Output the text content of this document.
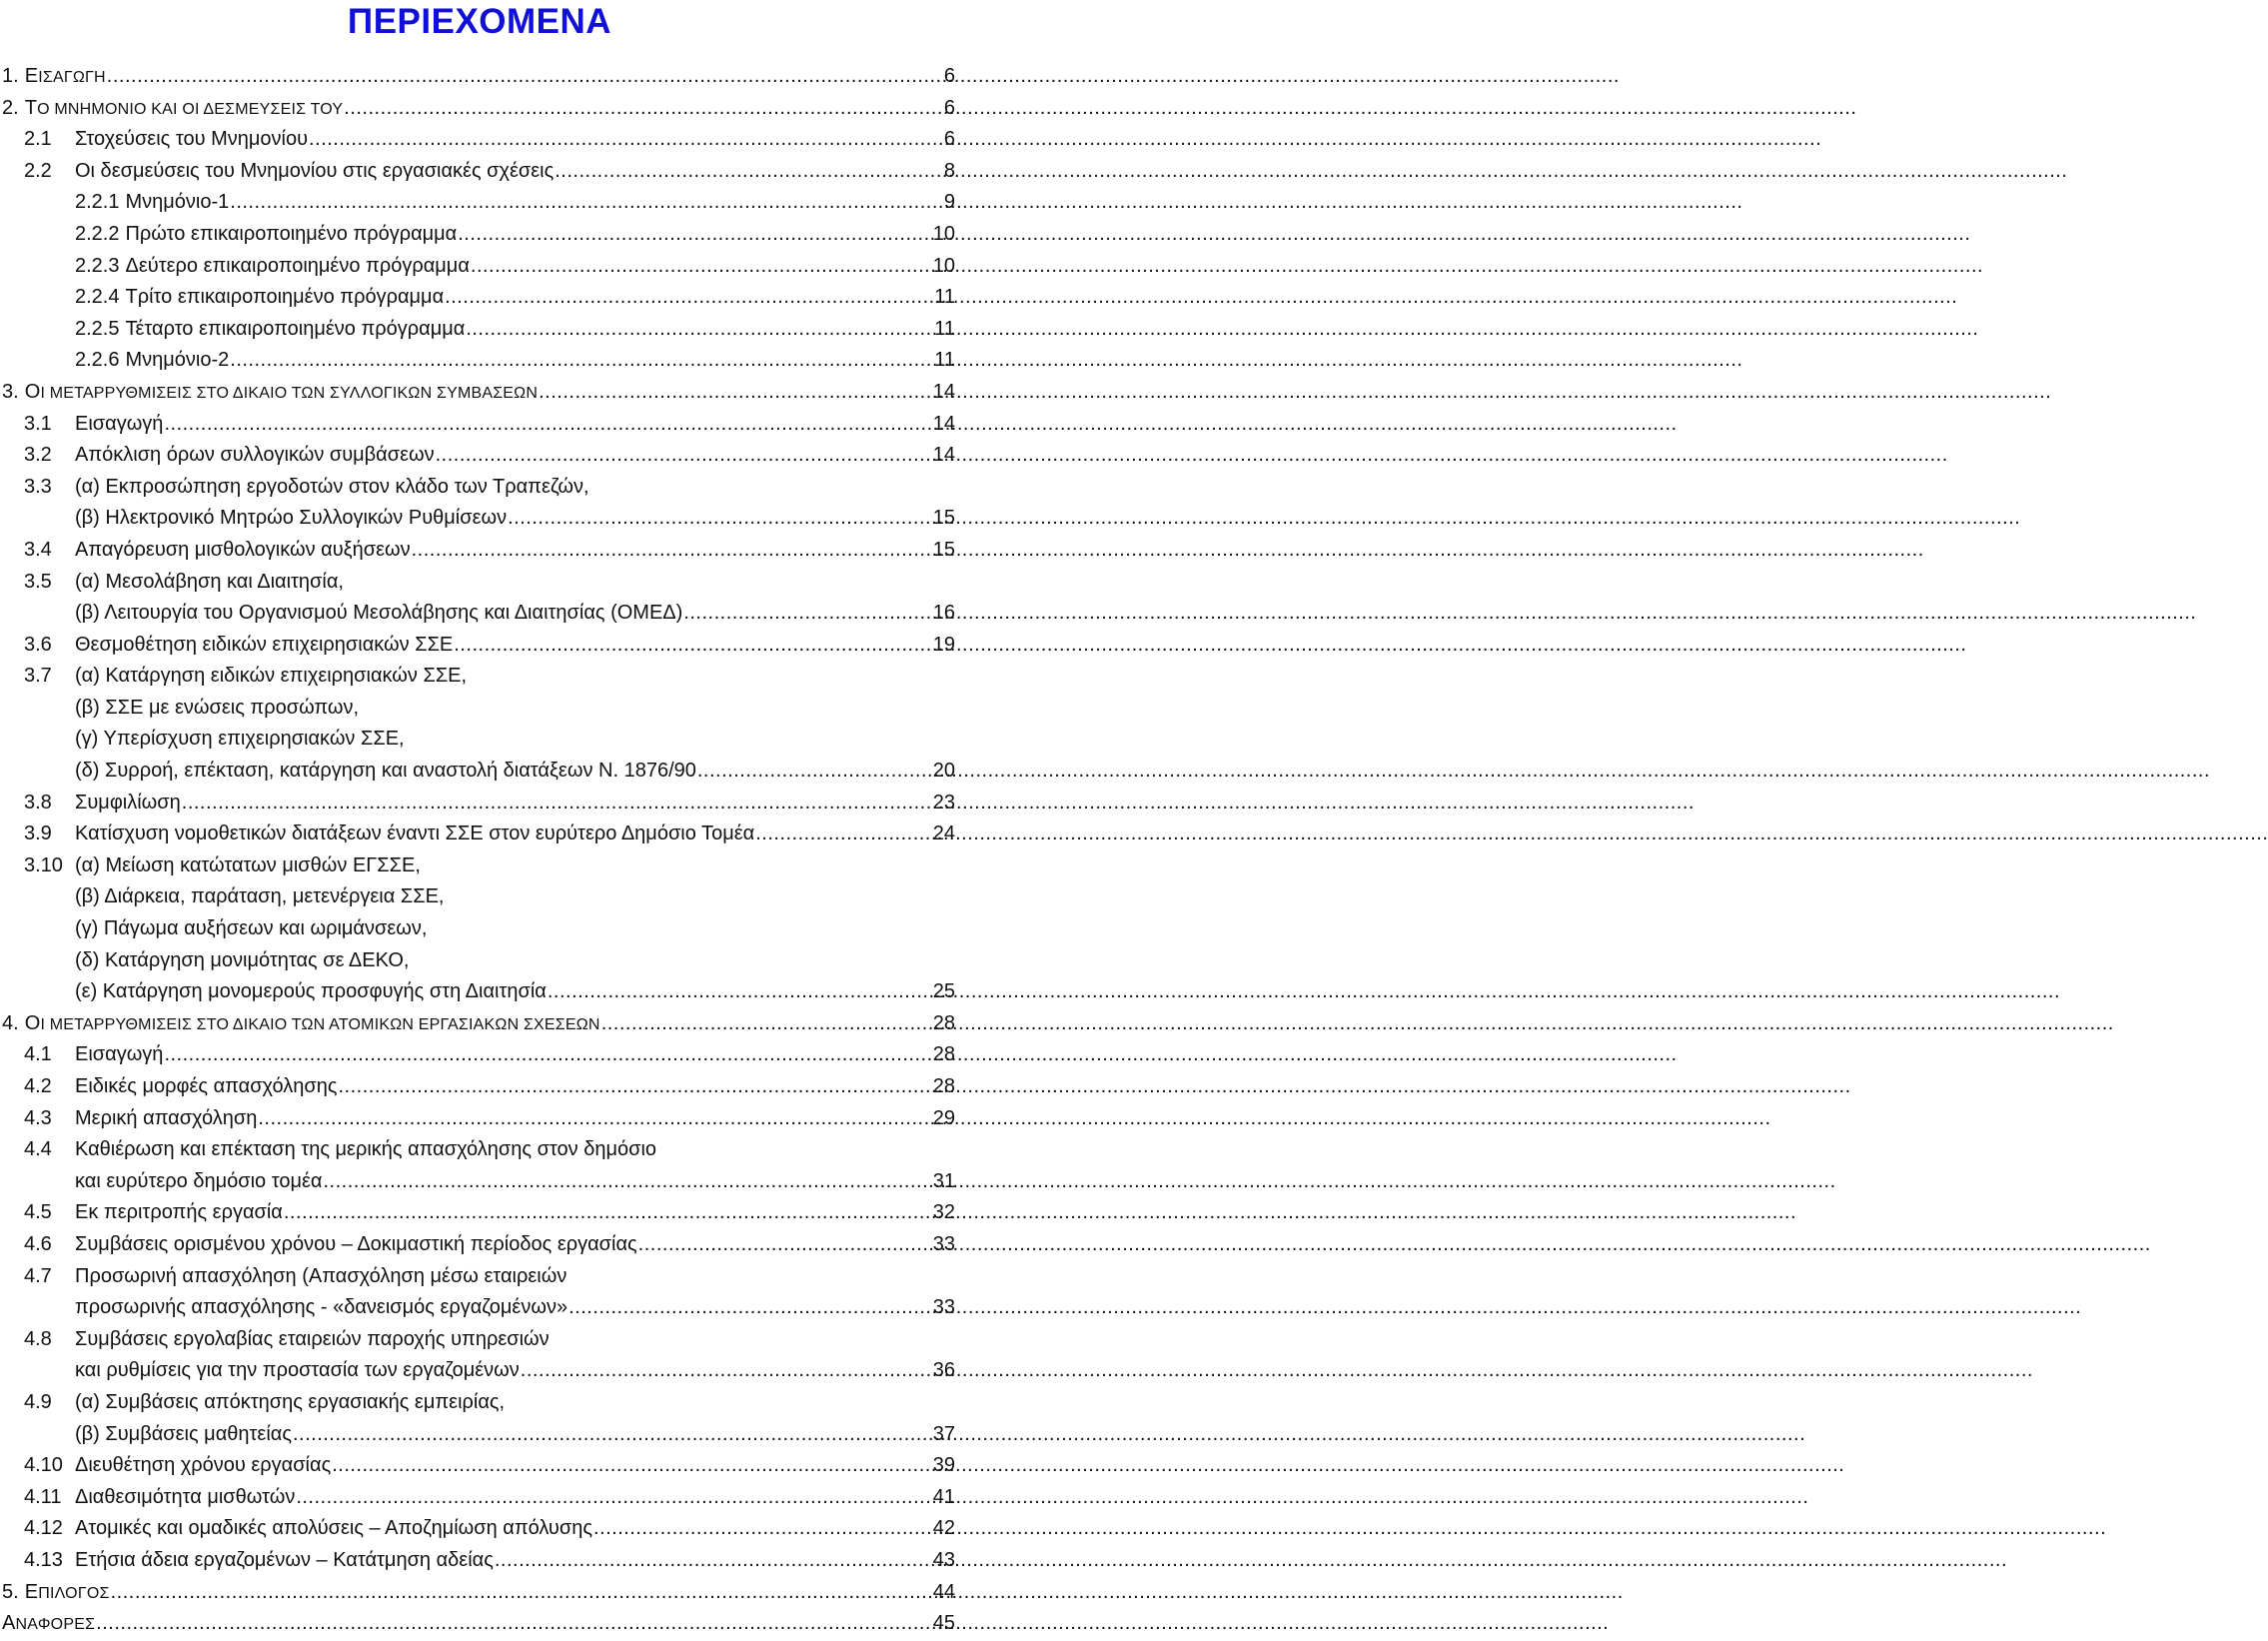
ΠΕΡΙΕΧΟΜΕΝΑ
1. ΕΙΣΑΓΩΓΗ .....	6
2. ΤΟ ΜΝΗΜΟΝΙΟ ΚΑΙ ΟΙ ΔΕΣΜΕΥΣΕΙΣ ΤΟΥ .....	6
2.1	Στοχεύσεις του Μνημονίου .....	6
2.2	Οι δεσμεύσεις του Μνημονίου στις εργασιακές σχέσεις .....	8
2.2.1 Μνημόνιο-1 .....	9
2.2.2 Πρώτο επικαιροποιημένο πρόγραμμα .....	10
2.2.3 Δεύτερο επικαιροποιημένο πρόγραμμα .....	10
2.2.4 Τρίτο επικαιροποιημένο πρόγραμμα .....	11
2.2.5 Τέταρτο επικαιροποιημένο πρόγραμμα .....	11
2.2.6 Μνημόνιο-2 .....	11
3. ΟΙ ΜΕΤΑΡΡΥΘΜΙΣΕΙΣ ΣΤΟ ΔΙΚΑΙΟ ΤΩΝ ΣΥΛΛΟΓΙΚΩΝ ΣΥΜΒΑΣΕΩΝ .....	14
3.1	Εισαγωγή .....	14
3.2	Απόκλιση όρων συλλογικών συμβάσεων .....	14
3.3	(α) Εκπροσώπηση εργοδοτών στον κλάδο των Τραπεζών,
(β) Ηλεκτρονικό Μητρώο Συλλογικών Ρυθμίσεων .....	15
3.4	Απαγόρευση μισθολογικών αυξήσεων .....	15
3.5	(α) Μεσολάβηση και Διαιτησία,
(β) Λειτουργία του Οργανισμού Μεσολάβησης και Διαιτησίας (ΟΜΕΔ) .....	16
3.6	Θεσμοθέτηση ειδικών επιχειρησιακών ΣΣΕ .....	19
3.7	(α) Κατάργηση ειδικών επιχειρησιακών ΣΣΕ,
(β) ΣΣΕ με ενώσεις προσώπων,
(γ) Υπερίσχυση επιχειρησιακών ΣΣΕ,
(δ) Συρροή, επέκταση, κατάργηση και αναστολή διατάξεων Ν. 1876/90 .....	20
3.8	Συμφιλίωση .....	23
3.9	Κατίσχυση νομοθετικών διατάξεων έναντι ΣΣΕ στον ευρύτερο Δημόσιο Τομέα .....	24
3.10 (α) Μείωση κατώτατων μισθών ΕΓΣΣΕ,
(β) Διάρκεια, παράταση, μετενέργεια ΣΣΕ,
(γ) Πάγωμα αυξήσεων και ωριμάνσεων,
(δ) Κατάργηση μονιμότητας σε ΔΕΚΟ,
(ε) Κατάργηση μονομερούς προσφυγής στη Διαιτησία .....	25
4. ΟΙ ΜΕΤΑΡΡΥΘΜΙΣΕΙΣ ΣΤΟ ΔΙΚΑΙΟ ΤΩΝ ΑΤΟΜΙΚΩΝ ΕΡΓΑΣΙΑΚΩΝ ΣΧΕΣΕΩΝ .....	28
4.1	Εισαγωγή .....	28
4.2	Ειδικές μορφές απασχόλησης .....	28
4.3	Μερική απασχόληση .....	29
4.4	Καθιέρωση και επέκταση της μερικής απασχόλησης στον δημόσιο
και ευρύτερο δημόσιο τομέα .....	31
4.5	Εκ περιτροπής εργασία .....	32
4.6	Συμβάσεις ορισμένου χρόνου – Δοκιμαστική περίοδος εργασίας .....	33
4.7	Προσωρινή απασχόληση (Απασχόληση μέσω εταιρειών
προσωρινής απασχόλησης - «δανεισμός εργαζομένων» .....	33
4.8	Συμβάσεις εργολαβίας εταιρειών παροχής υπηρεσιών
και ρυθμίσεις για την προστασία των εργαζομένων .....	36
4.9	(α) Συμβάσεις απόκτησης εργασιακής εμπειρίας,
(β) Συμβάσεις μαθητείας .....	37
4.10 Διευθέτηση χρόνου εργασίας .....	39
4.11 Διαθεσιμότητα μισθωτών .....	41
4.12 Ατομικές και ομαδικές απολύσεις – Αποζημίωση απόλυσης .....	42
4.13 Ετήσια άδεια εργαζομένων – Κατάτμηση αδείας .....	43
5. ΕΠΙΛΟΓΟΣ .....	44
ΑΝΑΦΟΡΕΣ .....	45
